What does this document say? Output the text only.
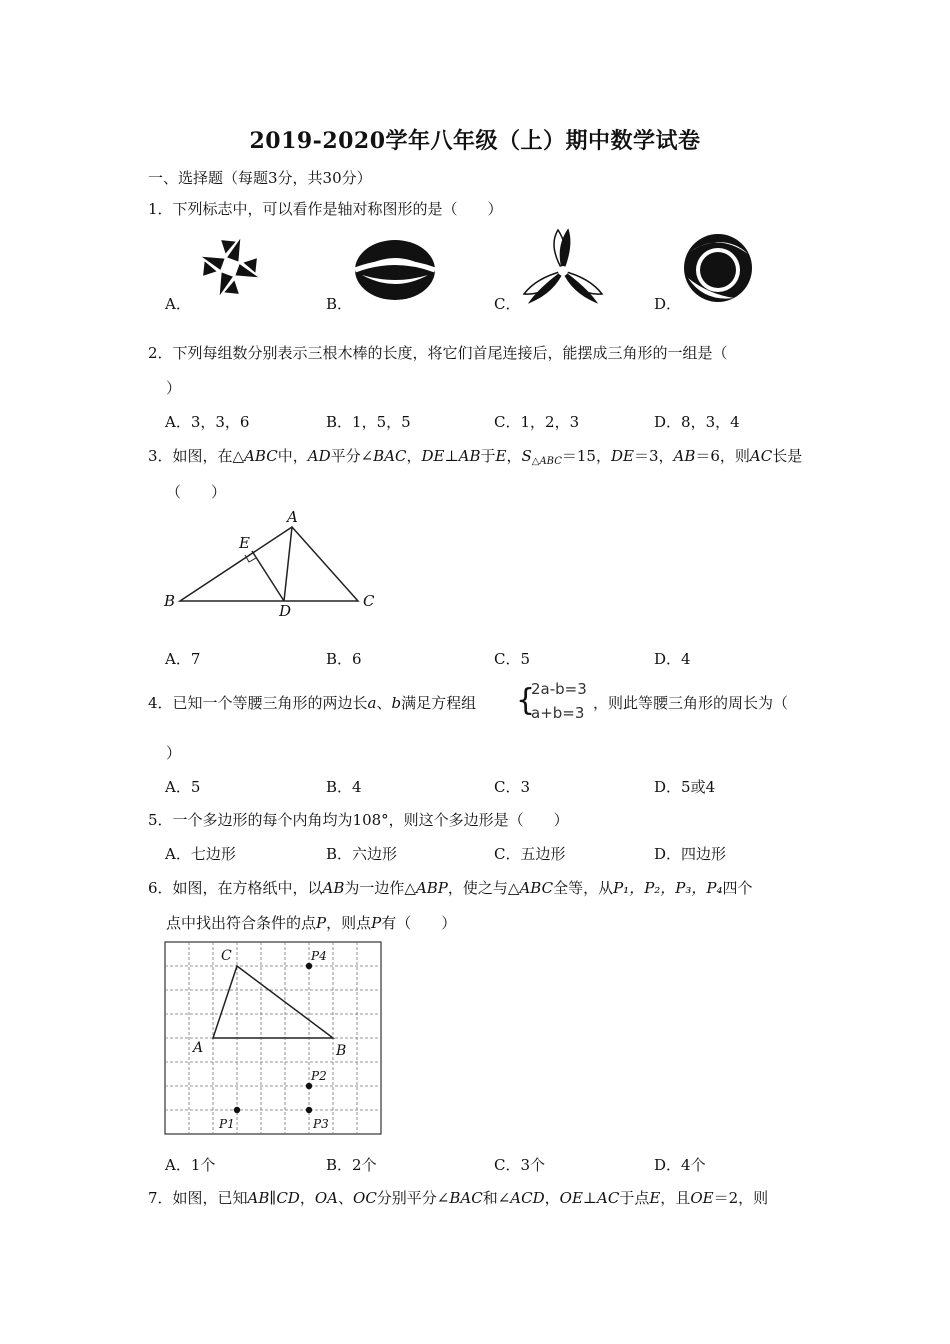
2019-2020学年八年级（上）期中数学试卷
一、选择题（每题3分，共30分）
1．下列标志中，可以看作是轴对称图形的是（　　）
A．	B．	C．	D．
2．下列每组数分别表示三根木棒的长度，将它们首尾连接后，能摆成三角形的一组是（
）
A．3，3，6	B．1，5，5	C．1，2，3	D．8，3，4
3．如图，在△ABC中，AD平分∠BAC，DE⊥AB于E，$S_{\triangle ABC}=15$，DE＝3，AB＝6，则AC长是
（　　）
A
B	C
D
E
A．7	B．6	C．5	D．4
4．已知一个等腰三角形的两边长a、b满足方程组 {
2a-b=3
a+b=3
，则此等腰三角形的周长为（
）
A．5	B．4	C．3	D．5或4
5．一个多边形的每个内角均为108°，则这个多边形是（　　）
A．七边形	B．六边形	C．五边形	D．四边形
6．如图，在方格纸中，以AB为一边作△ABP，使之与△ABC全等，从P₁，P₂，P₃，P₄四个
点中找出符合条件的点P，则点P有（　　）
C
A	B
P4
P2
P1	P3
A．1个	B．2个	C．3个	D．4个
7．如图，已知AB∥CD，OA、OC分别平分∠BAC和∠ACD，OE⊥AC于点E，且OE＝2，则
